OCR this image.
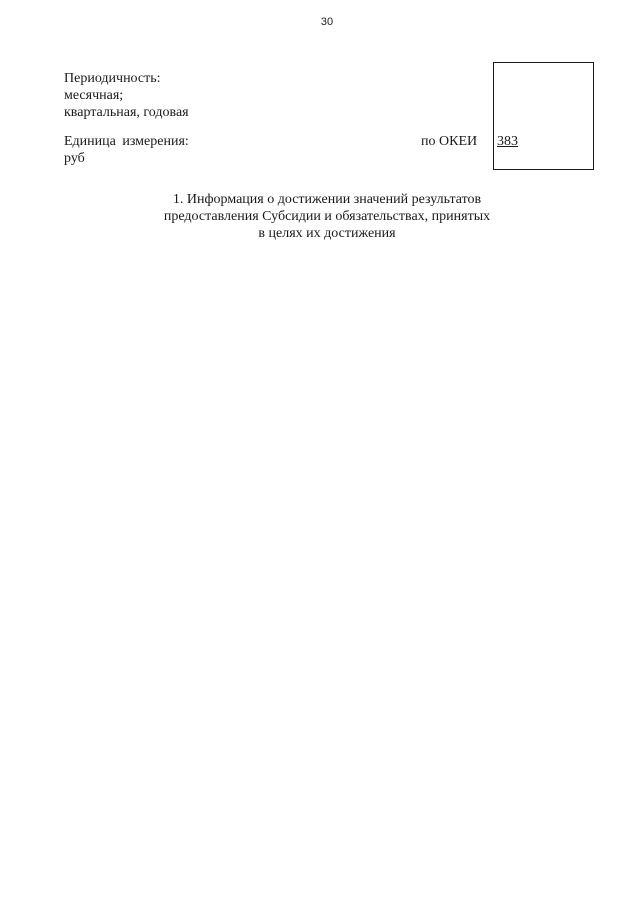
30
Периодичность:
месячная;
квартальная, годовая
Единица измерения:
руб
по ОКЕИ 383
1. Информация о достижении значений результатов
предоставления Субсидии и обязательствах, принятых
в целях их достижения
